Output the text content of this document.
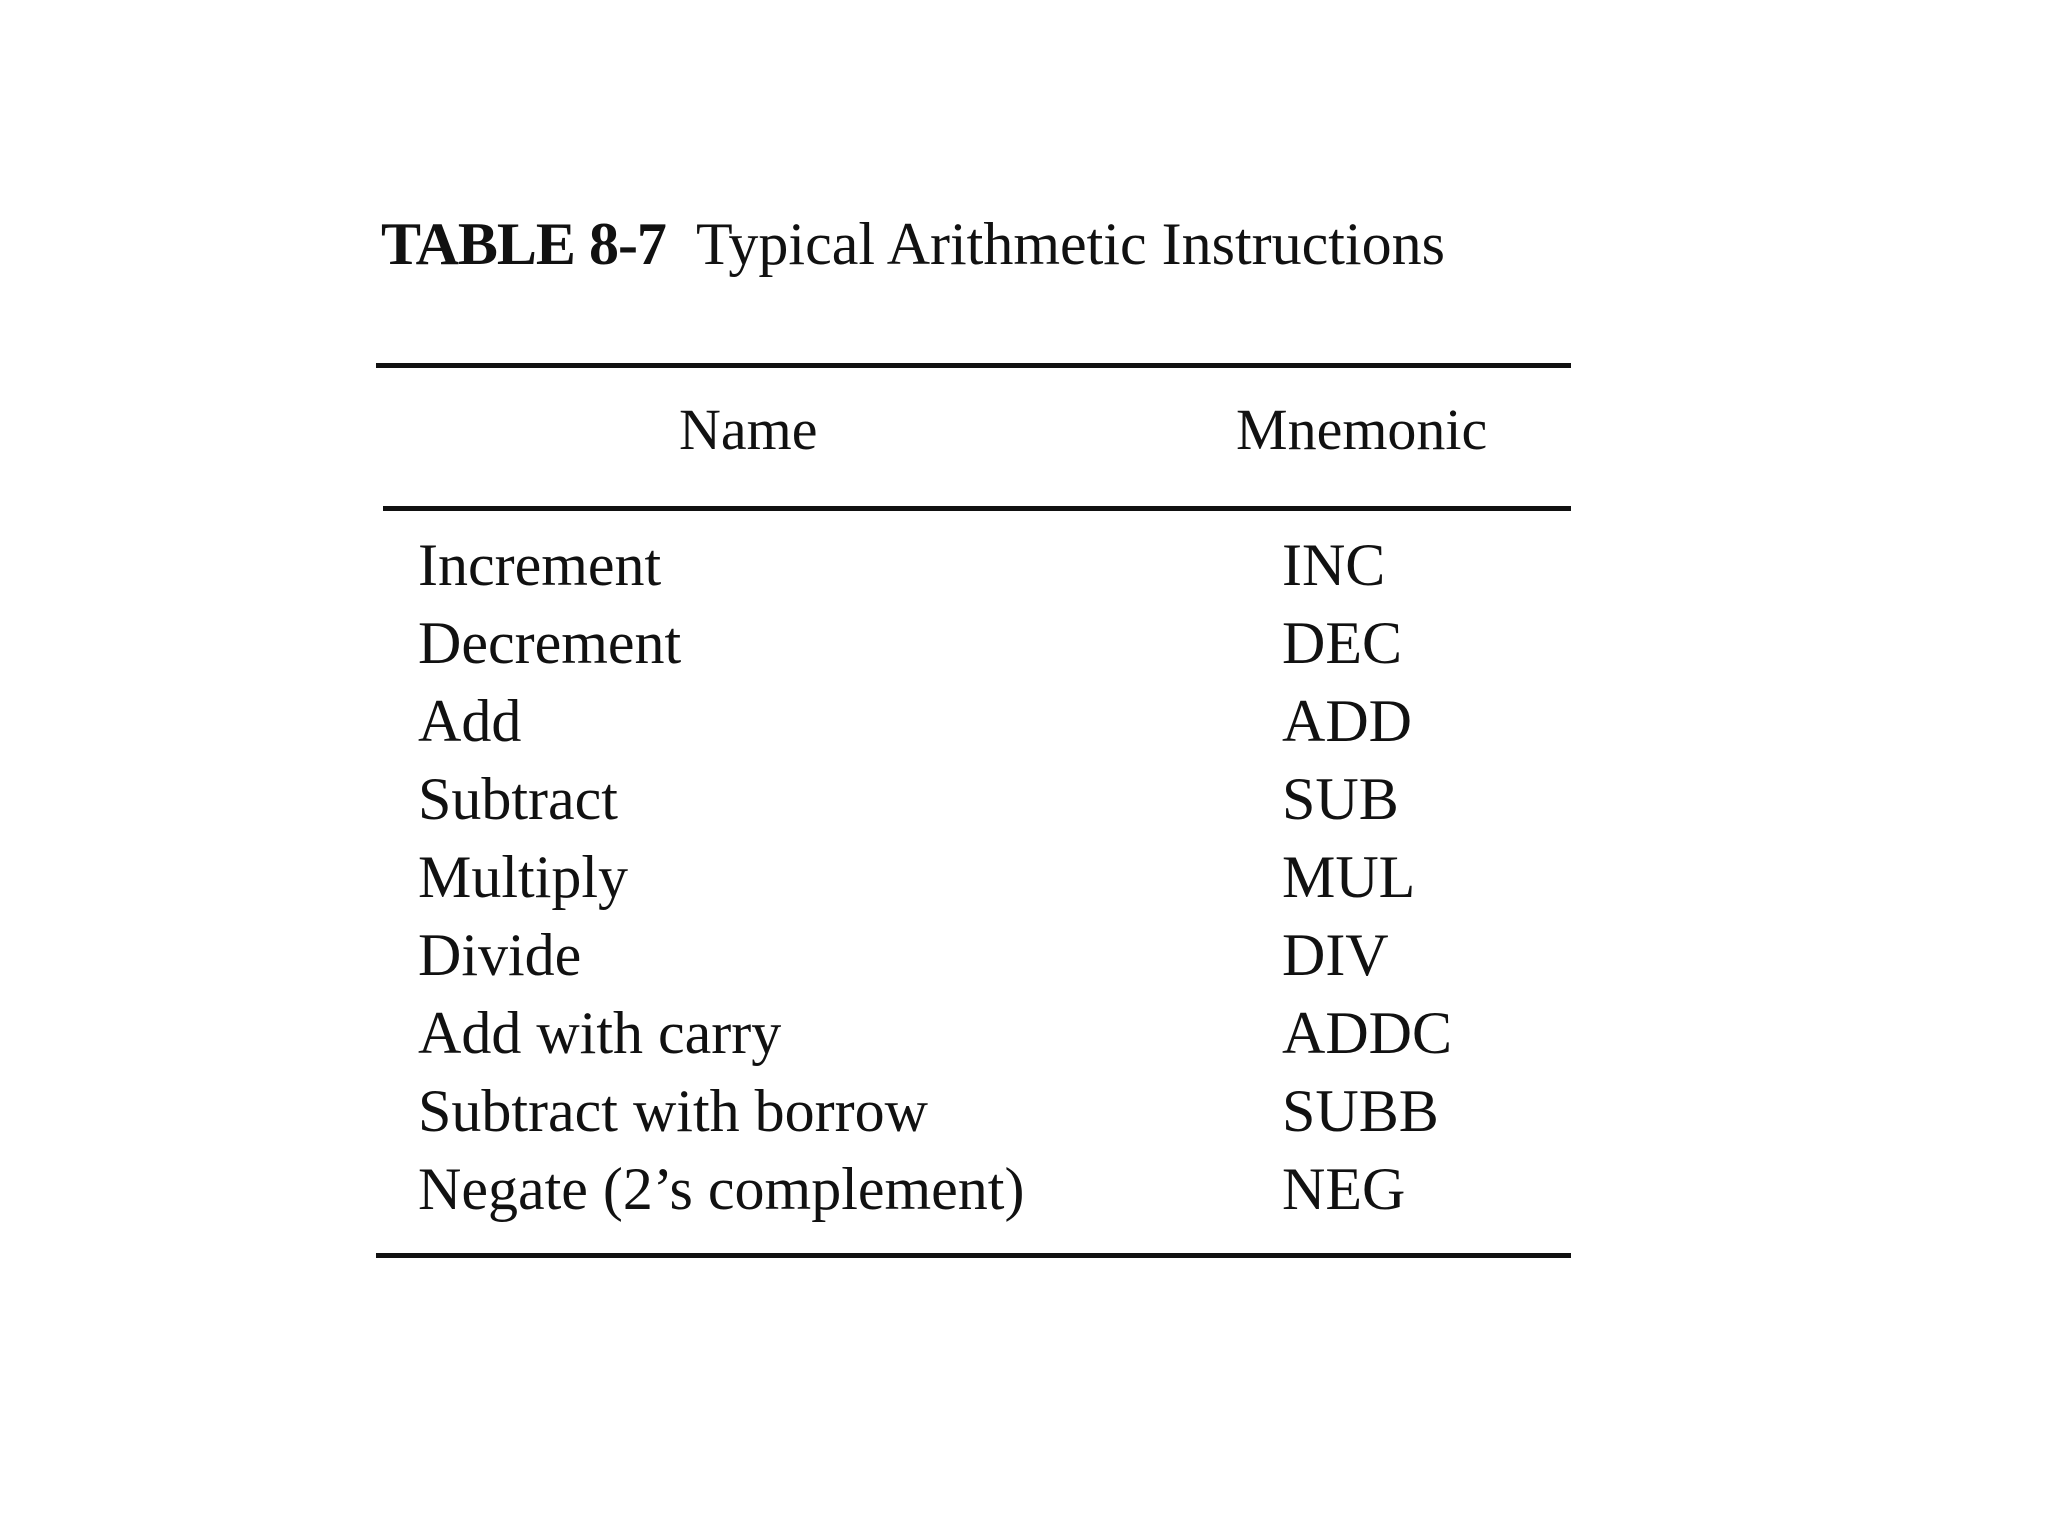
TABLE 8-7 Typical Arithmetic Instructions
Name	Mnemonic
Increment	INC
Decrement	DEC
Add	ADD
Subtract	SUB
Multiply	MUL
Divide	DIV
Add with carry	ADDC
Subtract with borrow	SUBB
Negate (2’s complement)	NEG
